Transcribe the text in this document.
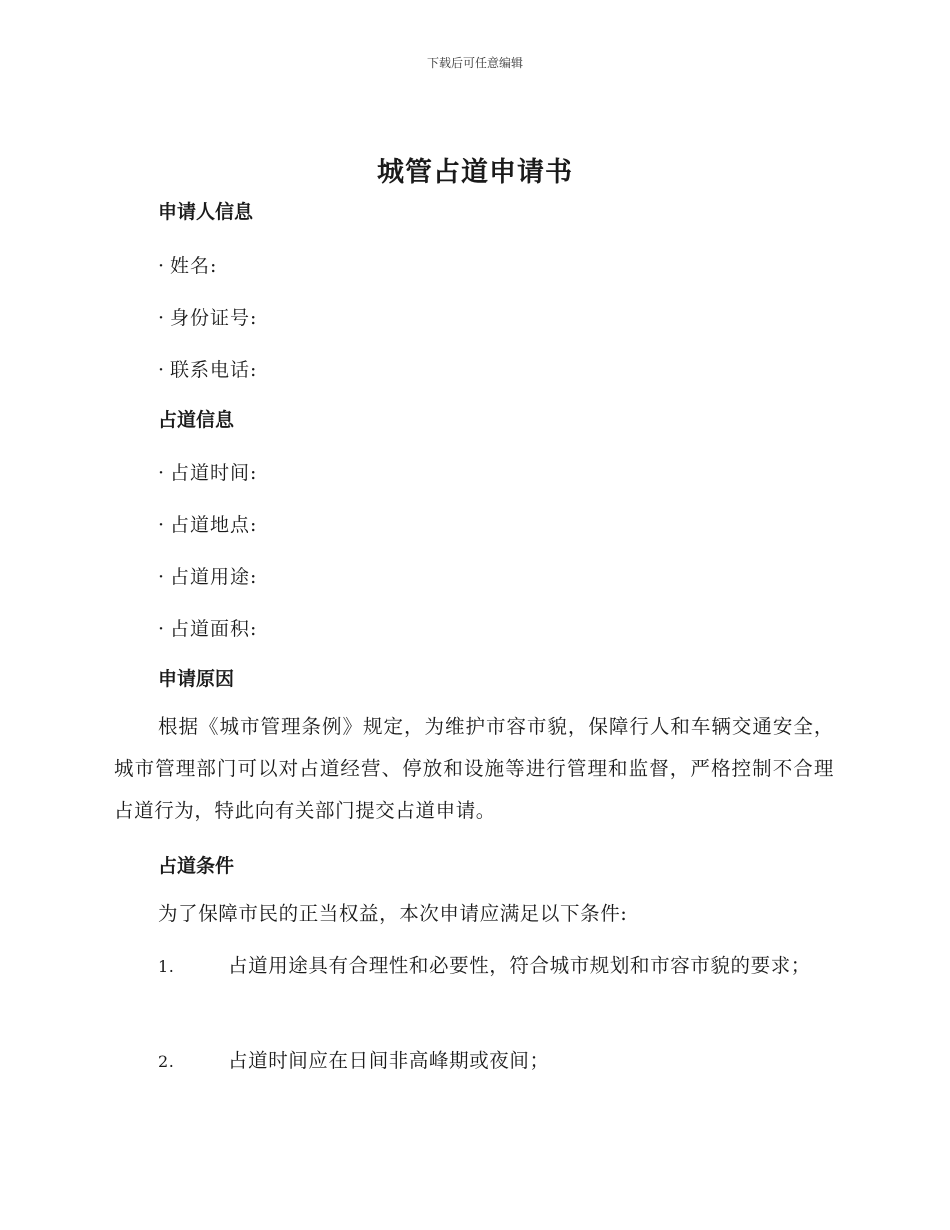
下载后可任意编辑
城管占道申请书
申请人信息
· 姓名:
· 身份证号:
· 联系电话:
占道信息
· 占道时间:
· 占道地点:
· 占道用途:
· 占道面积:
申请原因

根据《城市管理条例》规定，为维护市容市貌，保障行人和车辆交通安全，城市管理部门可以对占道经营、停放和设施等进行管理和监督，严格控制不合理占道行为，特此向有关部门提交占道申请。

占道条件

为了保障市民的正当权益，本次申请应满足以下条件:

1.	占道用途具有合理性和必要性，符合城市规划和市容市貌的要求；
2.	占道时间应在日间非高峰期或夜间；
